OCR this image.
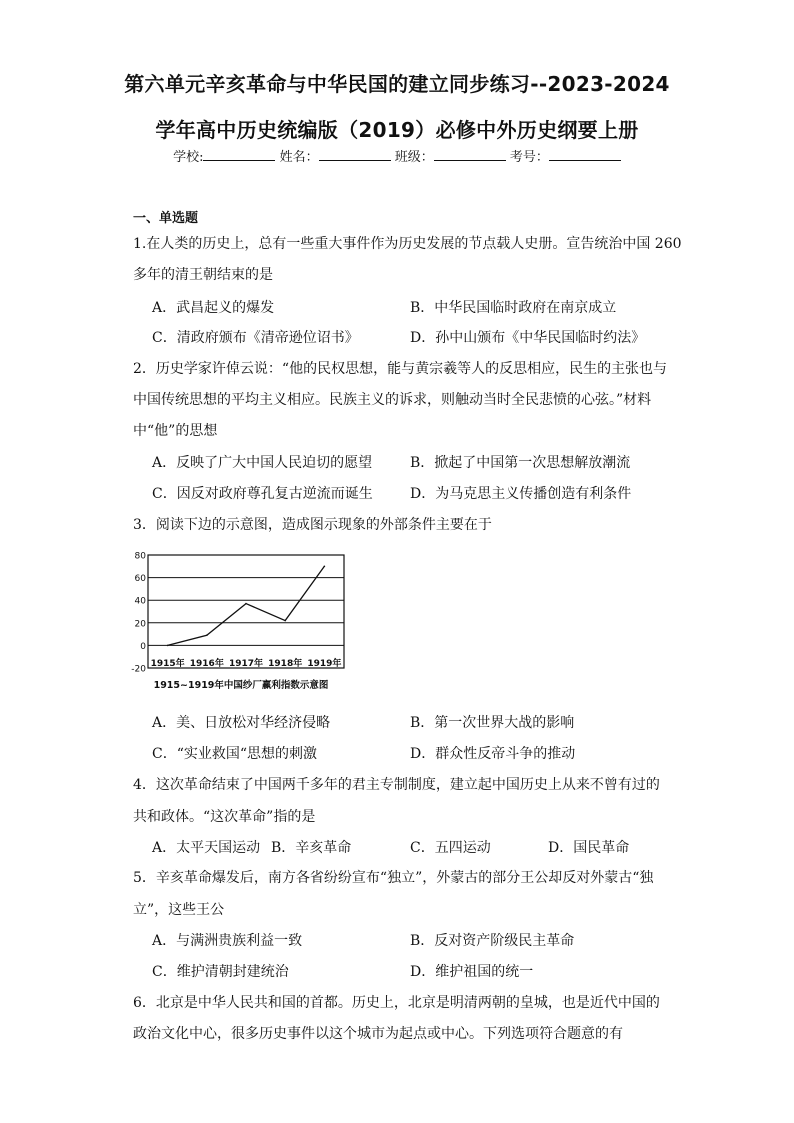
第六单元辛亥革命与中华民国的建立同步练习--2023-2024
学年高中历史统编版（2019）必修中外历史纲要上册
学校:	姓名：	班级：	考号：
一、单选题
1.在人类的历史上，总有一些重大事件作为历史发展的节点载人史册。宣告统治中国 260
多年的清王朝结束的是
A．武昌起义的爆发	B．中华民国临时政府在南京成立
C．清政府颁布《清帝逊位诏书》	D．孙中山颁布《中华民国临时约法》
2．历史学家许倬云说：“他的民权思想，能与黄宗羲等人的反思相应，民生的主张也与
中国传统思想的平均主义相应。民族主义的诉求，则触动当时全民悲愤的心弦。”材料
中“他”的思想
A．反映了广大中国人民迫切的愿望	B．掀起了中国第一次思想解放潮流
C．因反对政府尊孔复古逆流而诞生	D．为马克思主义传播创造有利条件
3．阅读下边的示意图，造成图示现象的外部条件主要在于
80
60
40
20
0
-20
1915年 1916年 1917年 1918年 1919年
1915~1919年中国纱厂赢利指数示意图
A．美、日放松对华经济侵略	B．第一次世界大战的影响
C．“实业救国“思想的刺激	D．群众性反帝斗争的推动
4．这次革命结束了中国两千多年的君主专制制度，建立起中国历史上从来不曾有过的
共和政体。“这次革命”指的是
A．太平天国运动 B．辛亥革命	C．五四运动	D．国民革命
5．辛亥革命爆发后，南方各省纷纷宣布“独立”，外蒙古的部分王公却反对外蒙古“独
立”，这些王公
A．与满洲贵族利益一致	B．反对资产阶级民主革命
C．维护清朝封建统治	D．维护祖国的统一
6．北京是中华人民共和国的首都。历史上，北京是明清两朝的皇城，也是近代中国的
政治文化中心，很多历史事件以这个城市为起点或中心。下列选项符合题意的有
